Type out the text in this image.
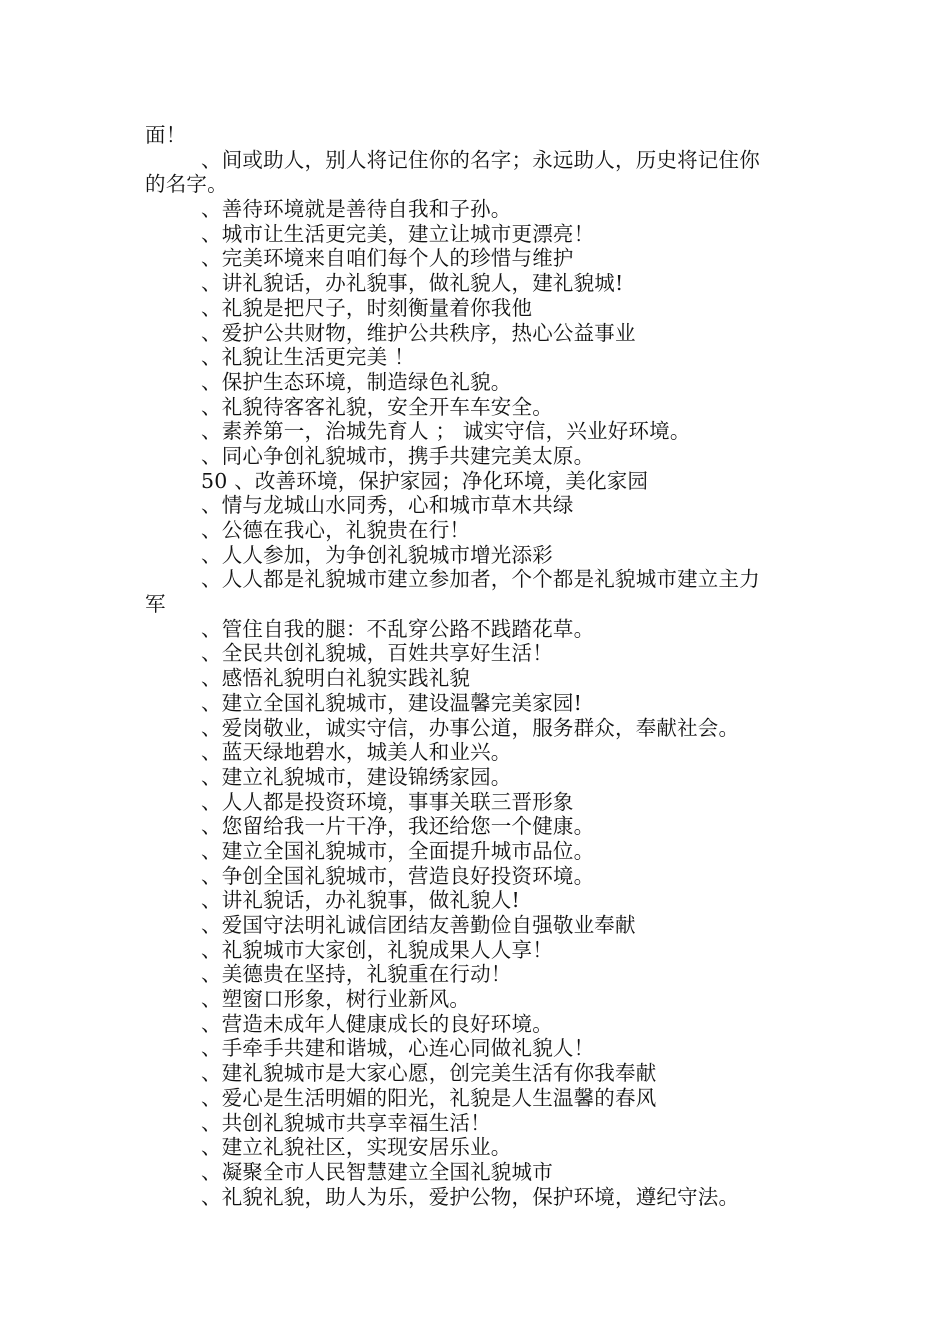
面！
、间或助人，别人将记住你的名字；永远助人，历史将记住你
的名字。
、善待环境就是善待自我和子孙。
、城市让生活更完美，建立让城市更漂亮！
、完美环境来自咱们每个人的珍惜与维护
、讲礼貌话，办礼貌事，做礼貌人，建礼貌城!
、礼貌是把尺子，时刻衡量着你我他
、爱护公共财物，维护公共秩序，热心公益事业
、礼貌让生活更完美 ！
、保护生态环境，制造绿色礼貌。
、礼貌待客客礼貌，安全开车车安全。
、素养第一，治城先育人 ； 诚实守信，兴业好环境。
、同心争创礼貌城市，携手共建完美太原。
50 、改善环境，保护家园；净化环境，美化家园
、情与龙城山水同秀，心和城市草木共绿
、公德在我心，礼貌贵在行！
、人人参加，为争创礼貌城市增光添彩
、人人都是礼貌城市建立参加者，个个都是礼貌城市建立主力
军
、管住自我的腿：不乱穿公路不践踏花草。
、全民共创礼貌城，百姓共享好生活！
、感悟礼貌明白礼貌实践礼貌
、建立全国礼貌城市，建设温馨完美家园!
、爱岗敬业，诚实守信，办事公道，服务群众，奉献社会。
、蓝天绿地碧水，城美人和业兴。
、建立礼貌城市，建设锦绣家园。
、人人都是投资环境，事事关联三晋形象
、您留给我一片干净，我还给您一个健康。
、建立全国礼貌城市，全面提升城市品位。
、争创全国礼貌城市，营造良好投资环境。
、讲礼貌话，办礼貌事，做礼貌人!
、爱国守法明礼诚信团结友善勤俭自强敬业奉献
、礼貌城市大家创，礼貌成果人人享！
、美德贵在坚持，礼貌重在行动！
、塑窗口形象，树行业新风。
、营造未成年人健康成长的良好环境。
、手牵手共建和谐城，心连心同做礼貌人！
、建礼貌城市是大家心愿，创完美生活有你我奉献
、爱心是生活明媚的阳光，礼貌是人生温馨的春风
、共创礼貌城市共享幸福生活！
、建立礼貌社区，实现安居乐业。
、凝聚全市人民智慧建立全国礼貌城市
、礼貌礼貌，助人为乐，爱护公物，保护环境，遵纪守法。
